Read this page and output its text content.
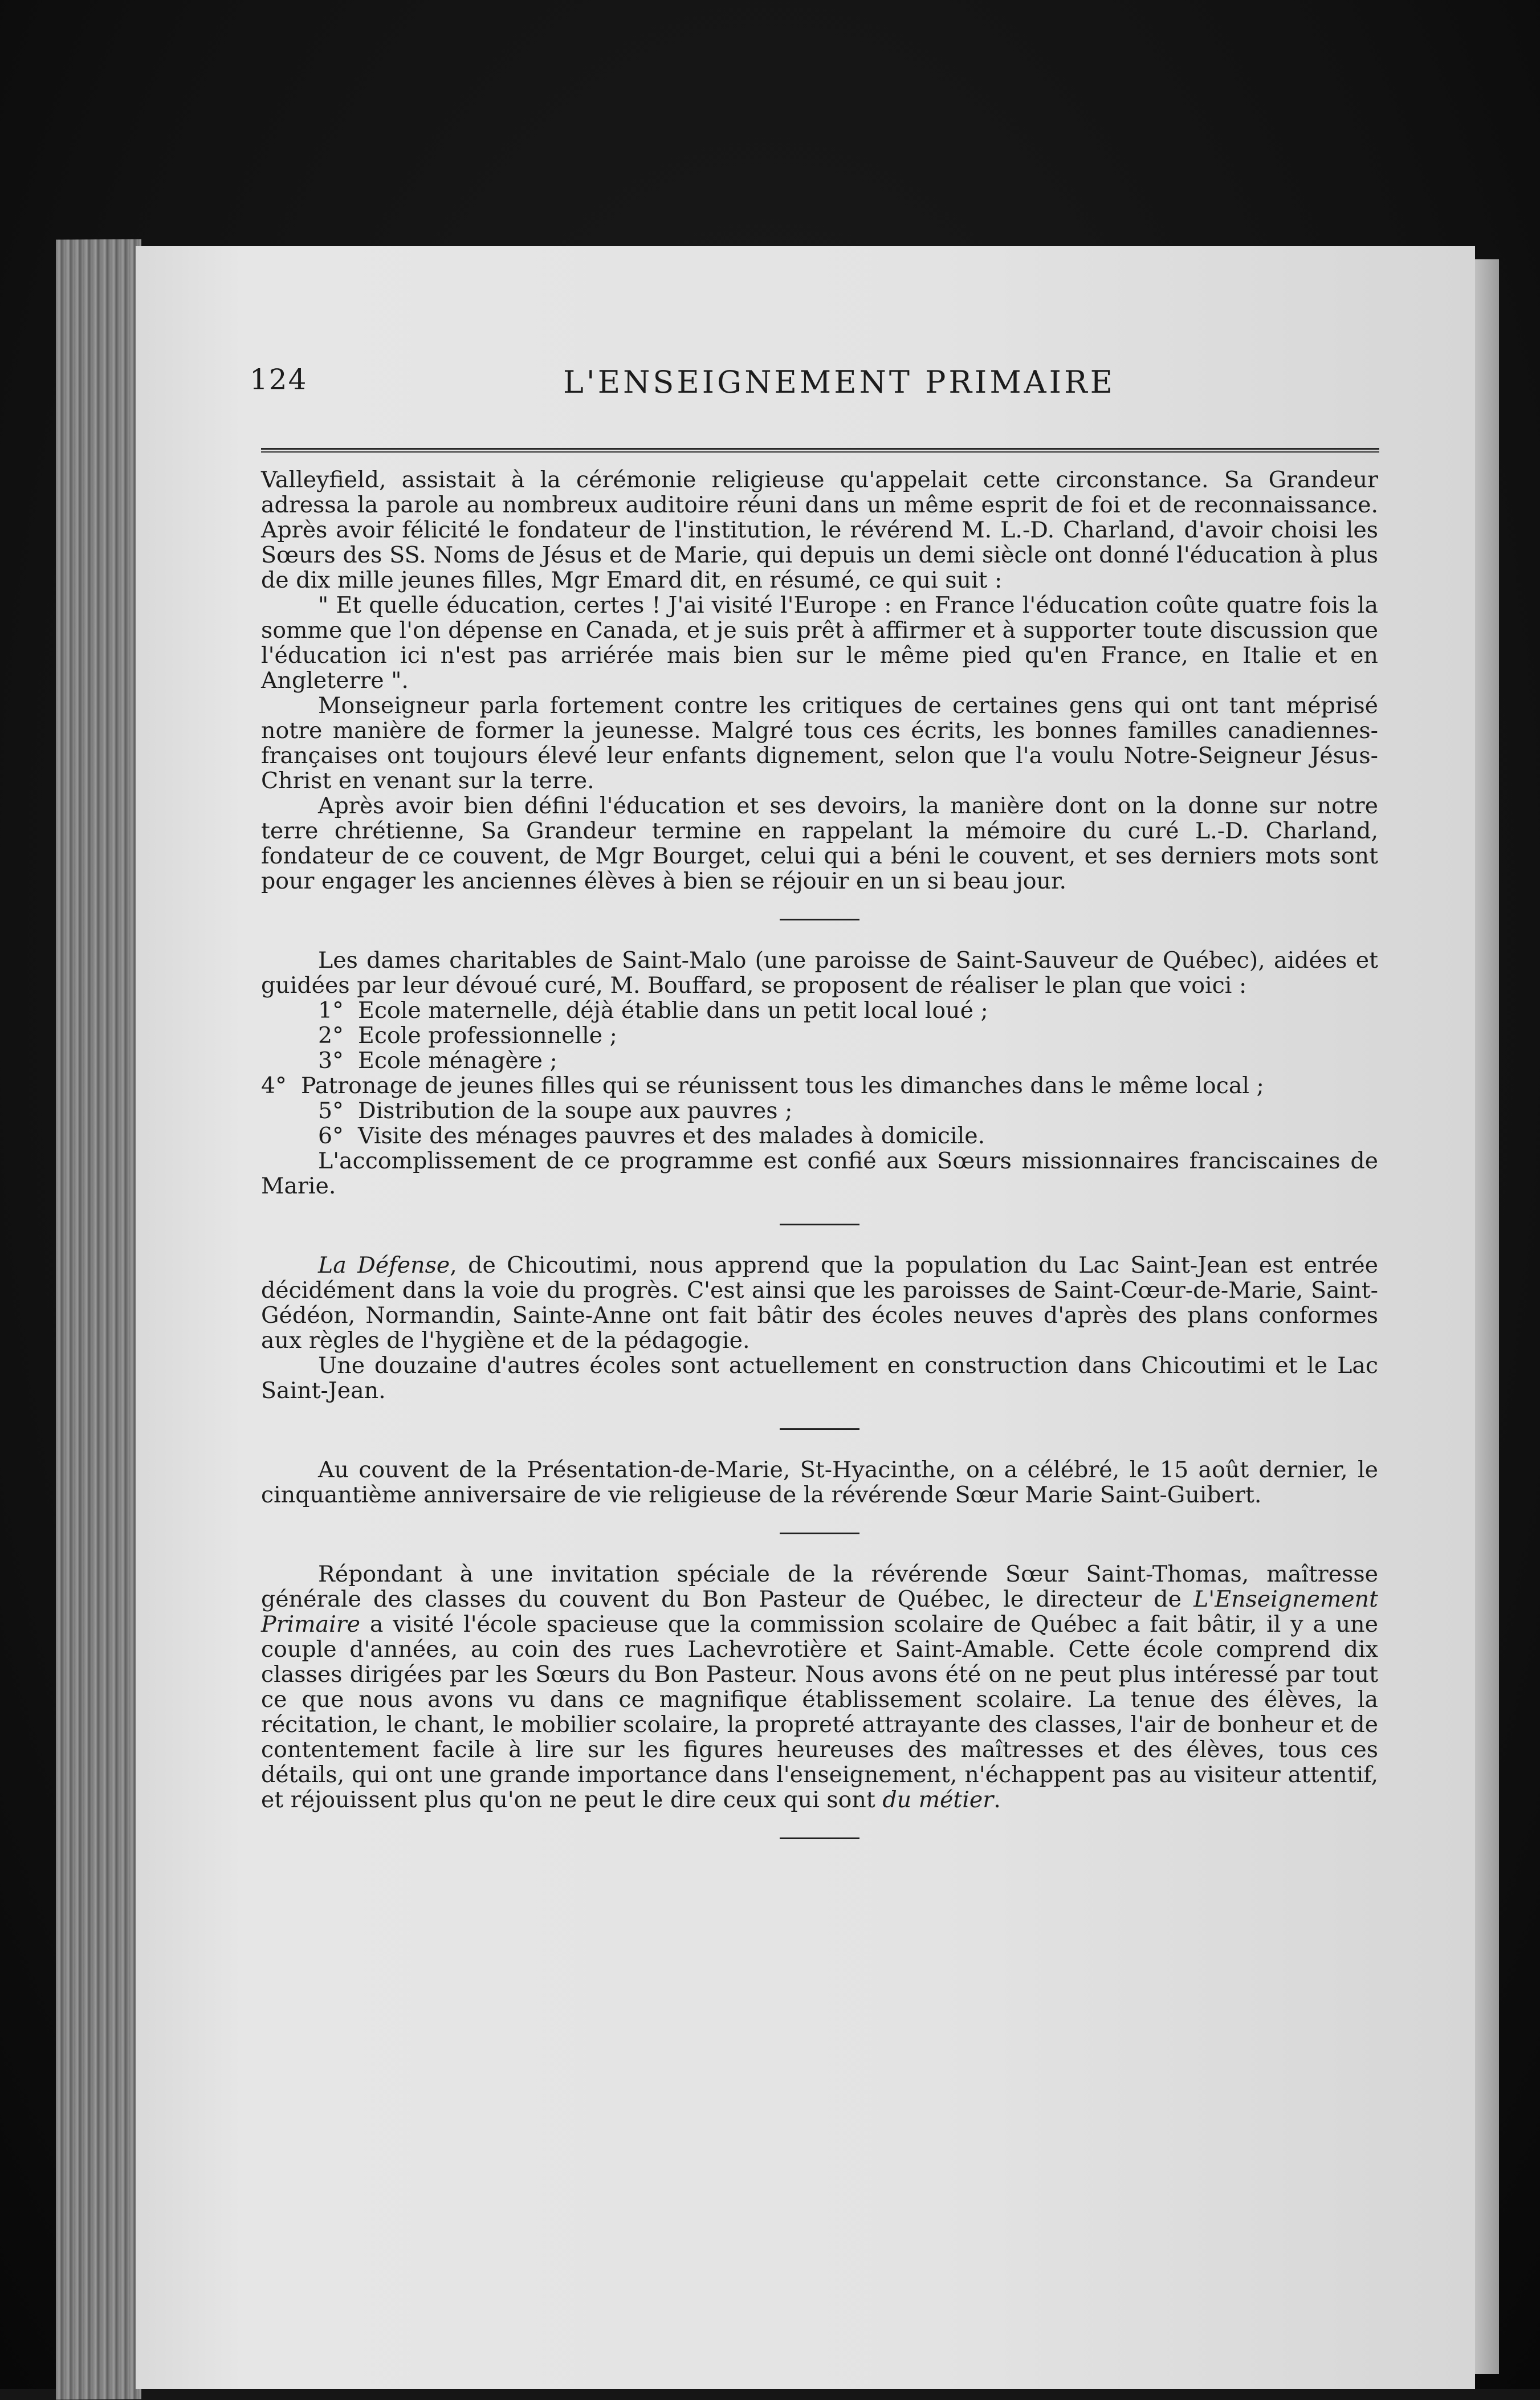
124	L'ENSEIGNEMENT PRIMAIRE

Valleyfield, assistait à la cérémonie religieuse qu'appelait cette circonstance. Sa Grandeur adressa la parole au nombreux auditoire réuni dans un même esprit de foi et de reconnaissance. Après avoir félicité le fondateur de l'institution, le révérend M. L.-D. Charland, d'avoir choisi les Sœurs des SS. Noms de Jésus et de Marie, qui depuis un demi siècle ont donné l'éducation à plus de dix mille jeunes filles, Mgr Emard dit, en résumé, ce qui suit :

" Et quelle éducation, certes ! J'ai visité l'Europe : en France l'éducation coûte quatre fois la somme que l'on dépense en Canada, et je suis prêt à affirmer et à supporter toute discussion que l'éducation ici n'est pas arriérée mais bien sur le même pied qu'en France, en Italie et en Angleterre ".

Monseigneur parla fortement contre les critiques de certaines gens qui ont tant méprisé notre manière de former la jeunesse. Malgré tous ces écrits, les bonnes familles canadiennes-françaises ont toujours élevé leur enfants dignement, selon que l'a voulu Notre-Seigneur Jésus-Christ en venant sur la terre.

Après avoir bien défini l'éducation et ses devoirs, la manière dont on la donne sur notre terre chrétienne, Sa Grandeur termine en rappelant la mémoire du curé L.-D. Charland, fondateur de ce couvent, de Mgr Bourget, celui qui a béni le couvent, et ses derniers mots sont pour engager les anciennes élèves à bien se réjouir en un si beau jour.

Les dames charitables de Saint-Malo (une paroisse de Saint-Sauveur de Québec), aidées et guidées par leur dévoué curé, M. Bouffard, se proposent de réaliser le plan que voici :

1° Ecole maternelle, déjà établie dans un petit local loué ;

2° Ecole professionnelle ;

3° Ecole ménagère ;

4° Patronage de jeunes filles qui se réunissent tous les dimanches dans le même local ;

5° Distribution de la soupe aux pauvres ;

6° Visite des ménages pauvres et des malades à domicile.

L'accomplissement de ce programme est confié aux Sœurs missionnaires franciscaines de Marie.

La Défense, de Chicoutimi, nous apprend que la population du Lac Saint-Jean est entrée décidément dans la voie du progrès. C'est ainsi que les paroisses de Saint-Cœur-de-Marie, Saint-Gédéon, Normandin, Sainte-Anne ont fait bâtir des écoles neuves d'après des plans conformes aux règles de l'hygiène et de la pédagogie.

Une douzaine d'autres écoles sont actuellement en construction dans Chicoutimi et le Lac Saint-Jean.

Au couvent de la Présentation-de-Marie, St-Hyacinthe, on a célébré, le 15 août dernier, le cinquantième anniversaire de vie religieuse de la révérende Sœur Marie Saint-Guibert.

Répondant à une invitation spéciale de la révérende Sœur Saint-Thomas, maîtresse générale des classes du couvent du Bon Pasteur de Québec, le directeur de L'Enseignement Primaire a visité l'école spacieuse que la commission scolaire de Québec a fait bâtir, il y a une couple d'années, au coin des rues Lachevrotière et Saint-Amable. Cette école comprend dix classes dirigées par les Sœurs du Bon Pasteur. Nous avons été on ne peut plus intéressé par tout ce que nous avons vu dans ce magnifique établissement scolaire. La tenue des élèves, la récitation, le chant, le mobilier scolaire, la propreté attrayante des classes, l'air de bonheur et de contentement facile à lire sur les figures heureuses des maîtresses et des élèves, tous ces détails, qui ont une grande importance dans l'enseignement, n'échappent pas au visiteur attentif, et réjouissent plus qu'on ne peut le dire ceux qui sont du métier.
